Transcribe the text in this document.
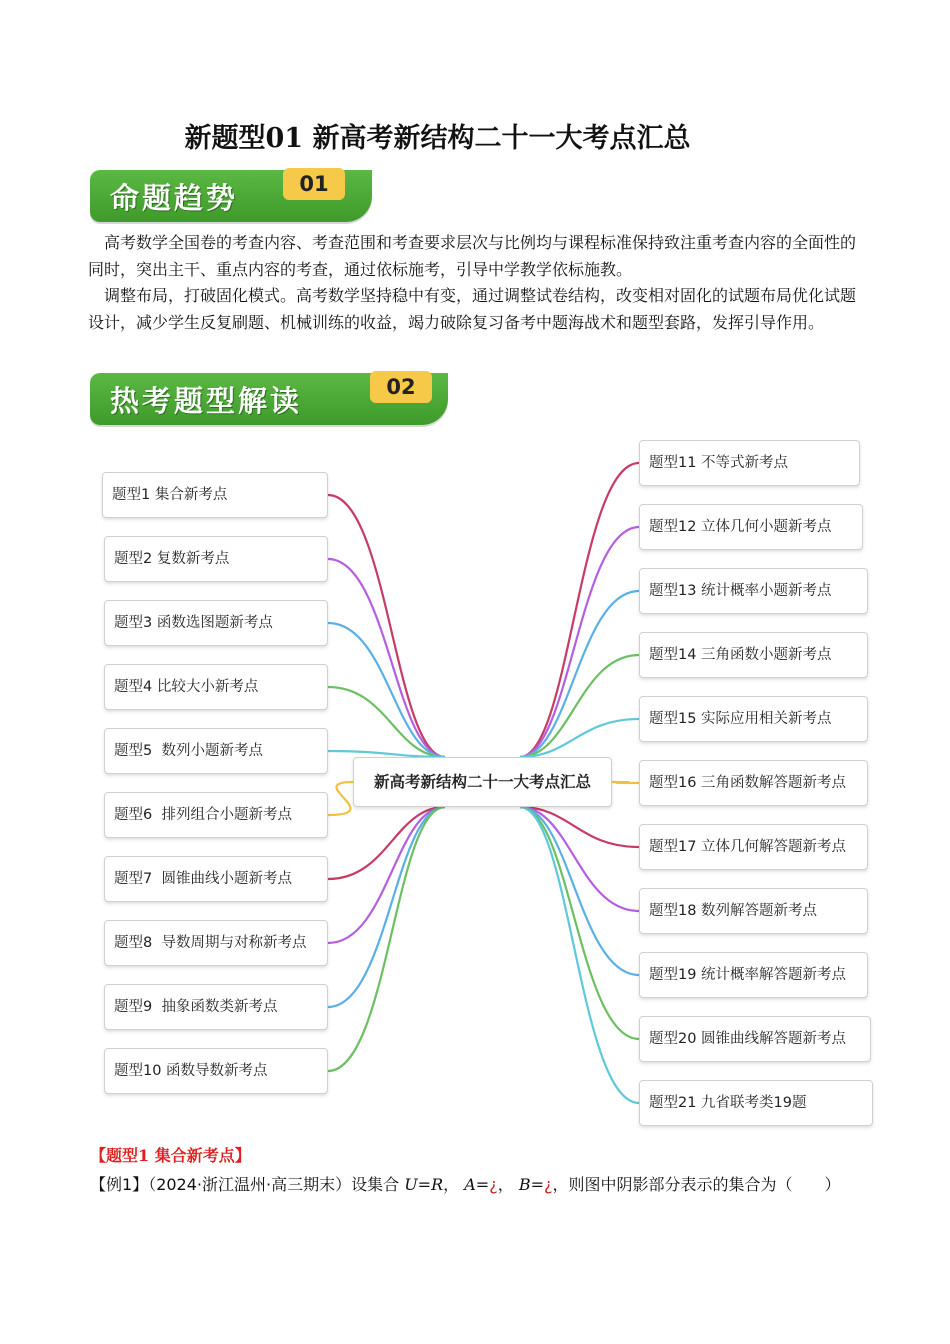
新题型01 新高考新结构二十一大考点汇总
命题趋势	01

高考数学全国卷的考查内容、考查范围和考查要求层次与比例均与课程标准保持致注重考查内容的全面性的同时，突出主干、重点内容的考查，通过依标施考，引导中学教学依标施教。

调整布局，打破固化模式。高考数学坚持稳中有变，通过调整试卷结构，改变相对固化的试题布局优化试题设计，减少学生反复刷题、机械训练的收益，竭力破除复习备考中题海战术和题型套路，发挥引导作用。

热考题型解读	02
题型1 集合新考点
题型2 复数新考点
题型3 函数选图题新考点
题型4 比较大小新考点
题型5  数列小题新考点
题型6  排列组合小题新考点
题型7  圆锥曲线小题新考点
题型8  导数周期与对称新考点
题型9  抽象函数类新考点
题型10 函数导数新考点
新高考新结构二十一大考点汇总
题型11 不等式新考点
题型12 立体几何小题新考点
题型13 统计概率小题新考点
题型14 三角函数小题新考点
题型15 实际应用相关新考点
题型16 三角函数解答题新考点
题型17 立体几何解答题新考点
题型18 数列解答题新考点
题型19 统计概率解答题新考点
题型20 圆锥曲线解答题新考点
题型21 九省联考类19题
【题型1 集合新考点】
【例1】（2024·浙江温州·高三期末）设集合 U=R， A=¿， B=¿，则图中阴影部分表示的集合为（　　）
